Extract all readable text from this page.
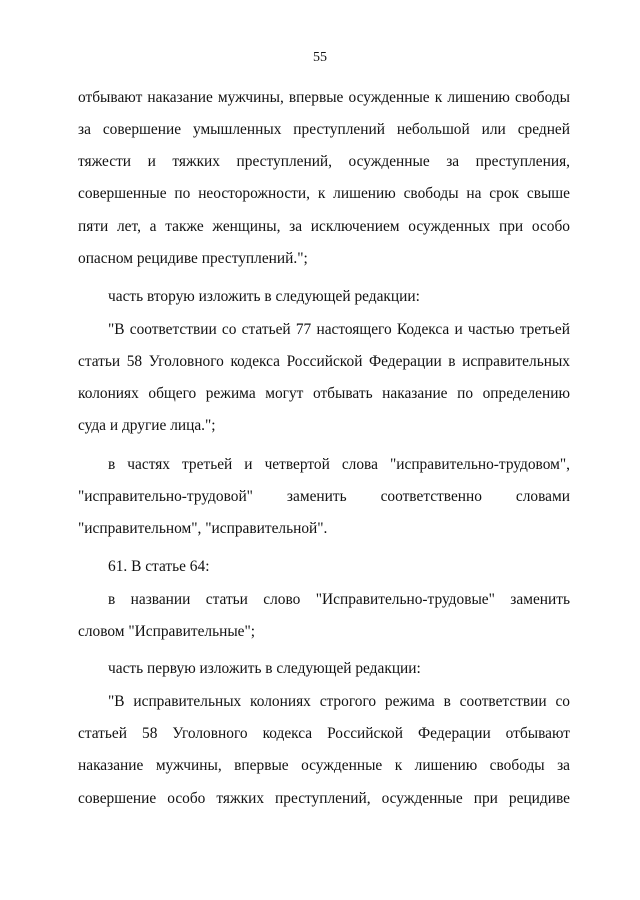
55
отбывают наказание мужчины, впервые осужденные к лишению свободы
за совершение умышленных преступлений небольшой или средней
тяжести и тяжких преступлений, осужденные за преступления,
совершенные по неосторожности, к лишению свободы на срок свыше
пяти лет, а также женщины, за исключением осужденных при особо
опасном рецидиве преступлений.";
часть вторую изложить в следующей редакции:
"В соответствии со статьей 77 настоящего Кодекса и частью третьей
статьи 58 Уголовного кодекса Российской Федерации в исправительных
колониях общего режима могут отбывать наказание по определению
суда и другие лица.";
в частях третьей и четвертой слова "исправительно-трудовом",
"исправительно-трудовой" заменить соответственно словами
"исправительном", "исправительной".
61. В статье 64:
в названии статьи слово "Исправительно-трудовые" заменить
словом "Исправительные";
часть первую изложить в следующей редакции:
"В исправительных колониях строгого режима в соответствии со
статьей 58 Уголовного кодекса Российской Федерации отбывают
наказание мужчины, впервые осужденные к лишению свободы за
совершение особо тяжких преступлений, осужденные при рецидиве
